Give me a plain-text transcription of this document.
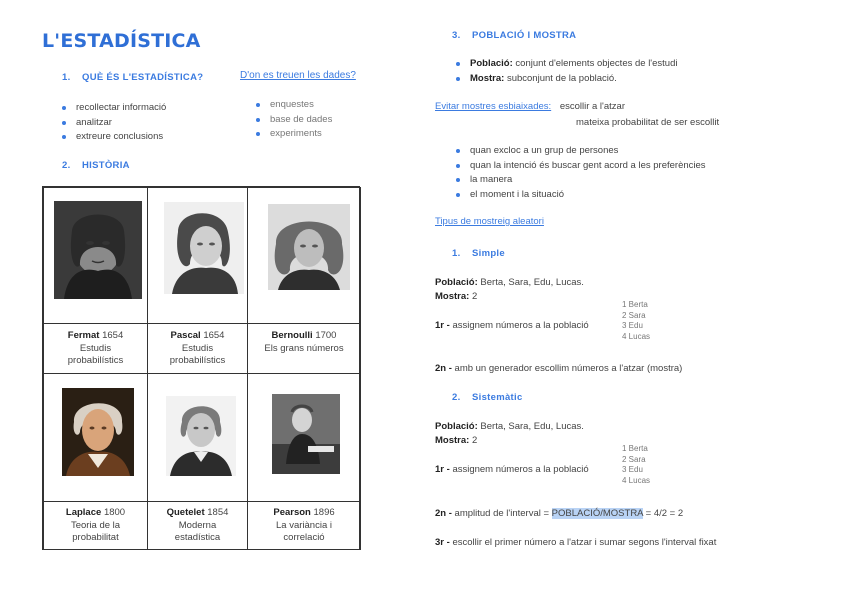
L'ESTADÍSTICA
1. QUÈ ÉS L'ESTADÍSTICA?
recollectar informació
analitzar
extreure conclusions
D'on es treuen les dades?
enquestes
base de dades
experiments
2. HISTÒRIA
Fermat 1654
Estudis
probabilístics
Pascal 1654
Estudis
probabilístics
Bernoulli 1700
Els grans números
Laplace 1800
Teoria de la
probabilitat
Quetelet 1854
Moderna
estadística
Pearson 1896
La variància i
correlació
3. POBLACIÓ I MOSTRA
Població: conjunt d'elements objectes de l'estudi
Mostra: subconjunt de la població.
Evitar mostres esbiaixades: escollir a l'atzar
mateixa probabilitat de ser escollit
quan excloc a un grup de persones
quan la intenció és buscar gent acord a les preferències
la manera
el moment i la situació
Tipus de mostreig aleatori
1. Simple
Població: Berta, Sara, Edu, Lucas.
Mostra: 2
1r - assignem números a la població
1 Berta
2 Sara
3 Edu
4 Lucas
2n - amb un generador escollim números a l'atzar (mostra)
2. Sistemàtic
Població: Berta, Sara, Edu, Lucas.
Mostra: 2
1r - assignem números a la població
1 Berta
2 Sara
3 Edu
4 Lucas
2n - amplitud de l'interval = POBLACIÓ/MOSTRA = 4/2 = 2
3r - escollir el primer número a l'atzar i sumar segons l'interval fixat
